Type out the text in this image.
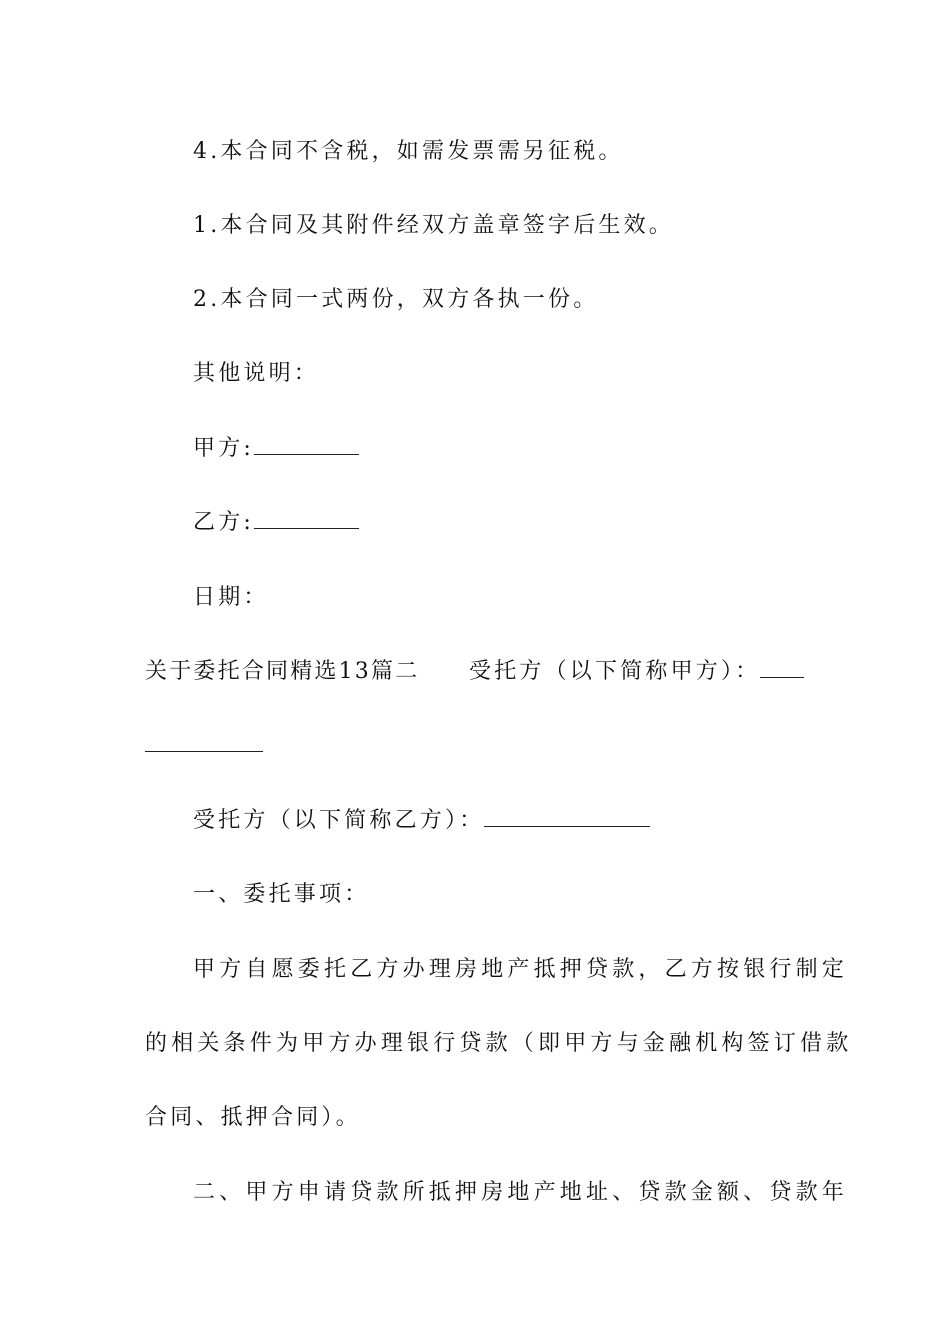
4.本合同不含税，如需发票需另征税。
1.本合同及其附件经双方盖章签字后生效。
2.本合同一式两份，双方各执一份。
其他说明：
甲方:
乙方:
日期：
关于委托合同精选13篇二 受托方（以下简称甲方）：
受托方（以下简称乙方）：
一、委托事项：
甲方自愿委托乙方办理房地产抵押贷款，乙方按银行制定
的相关条件为甲方办理银行贷款（即甲方与金融机构签订借款
合同、抵押合同）。
二、甲方申请贷款所抵押房地产地址、贷款金额、贷款年
